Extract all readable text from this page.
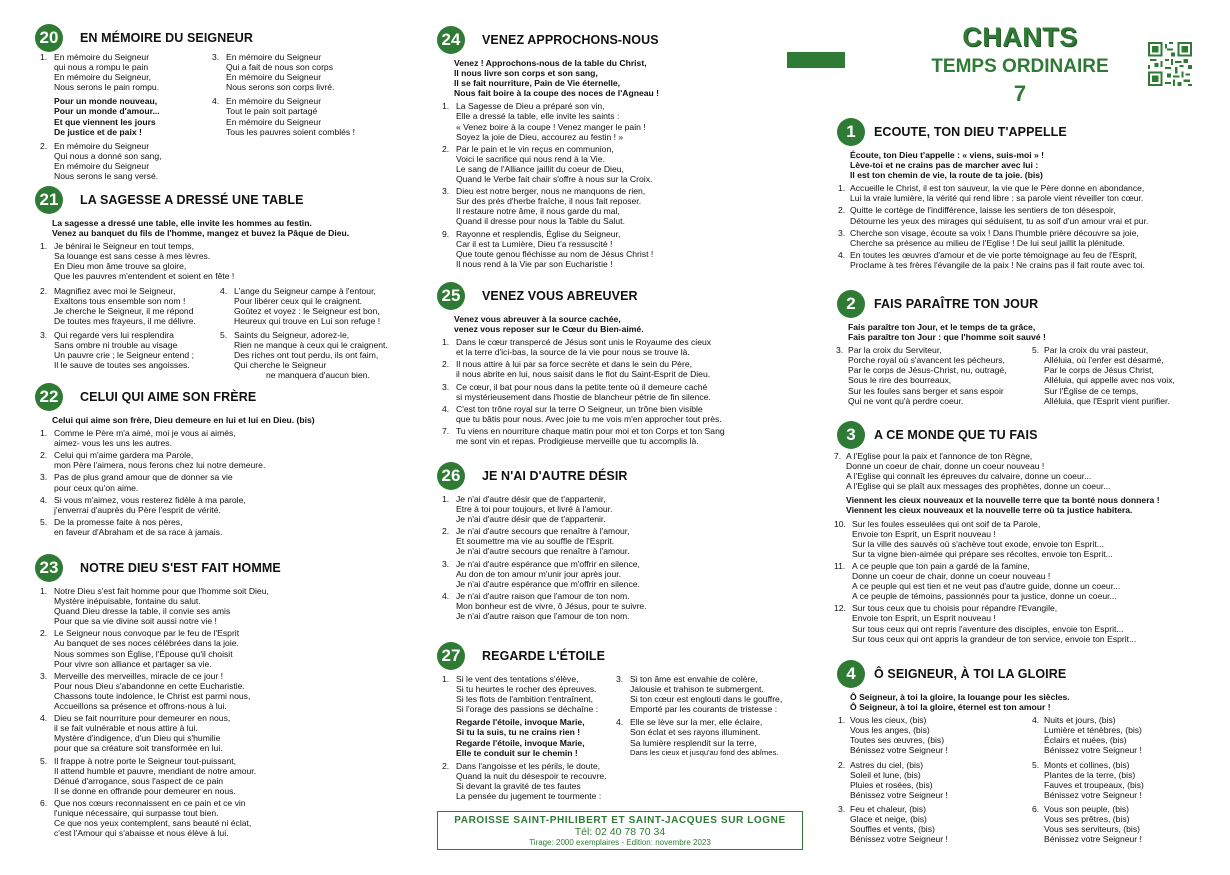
20	EN MÉMOIRE DU SEIGNEUR
1. En mémoire du Seigneur
qui nous a rompu le pain
En mémoire du Seigneur,
Nous serons le pain rompu.
Pour un monde nouveau,
Pour un monde d'amour...
Et que viennent les jours
De justice et de paix !
2. En mémoire du Seigneur
Qui nous a donné son sang,
En mémoire du Seigneur
Nous serons le sang versé.
3. En mémoire du Seigneur
Qui a fait de nous son corps
En mémoire du Seigneur
Nous serons son corps livré.
4. En mémoire du Seigneur
Tout le pain soit partagé
En mémoire du Seigneur
Tous les pauvres soient comblés !
21	LA SAGESSE A DRESSÉ UNE TABLE
La sagesse a dressé une table, elle invite les hommes au festin.
Venez au banquet du fils de l'homme, mangez et buvez la Pâque de Dieu.
1. Je bénirai le Seigneur en tout temps,
Sa louange est sans cesse à mes lèvres.
En Dieu mon âme trouve sa gloire,
Que les pauvres m'entendent et soient en fête !
2. Magnifiez avec moi le Seigneur,
Exaltons tous ensemble son nom !
Je cherche le Seigneur, il me répond
De toutes mes frayeurs, il me délivre.
3. Qui regarde vers lui resplendira
Sans ombre ni trouble au visage
Un pauvre crie ; le Seigneur entend ;
Il le sauve de toutes ses angoisses.
4. L'ange du Seigneur campe à l'entour,
Pour libérer ceux qui le craignent.
Goûtez et voyez : le Seigneur est bon,
Heureux qui trouve en Lui son refuge !
5. Saints du Seigneur, adorez-le,
Rien ne manque à ceux qui le craignent.
Des riches ont tout perdu, ils ont faim,
Qui cherche le Seigneur
ne manquera d'aucun bien.
22	CELUI QUI AIME SON FRÈRE
Celui qui aime son frère, Dieu demeure en lui et lui en Dieu. (bis)
1. Comme le Père m'a aimé, moi je vous ai aimés,
aimez- vous les uns les autres.
2. Celui qui m'aime gardera ma Parole,
mon Père l'aimera, nous ferons chez lui notre demeure.
3. Pas de plus grand amour que de donner sa vie
pour ceux qu'on aime.
4. Si vous m'aimez, vous resterez fidèle à ma parole,
j'enverrai d'auprès du Père l'esprit de vérité.
5. De la promesse faite à nos pères,
en faveur d'Abraham et de sa race à jamais.
23	NOTRE DIEU S'EST FAIT HOMME
1. Notre Dieu s'est fait homme pour que l'homme soit Dieu,
Mystère inépuisable, fontaine du salut.
Quand Dieu dresse la table, il convie ses amis
Pour que sa vie divine soit aussi notre vie !
2. Le Seigneur nous convoque par le feu de l'Esprit
Au banquet de ses noces célébrées dans la joie.
Nous sommes son Église, l'Épouse qu'il choisit
Pour vivre son alliance et partager sa vie.
3. Merveille des merveilles, miracle de ce jour !
Pour nous Dieu s'abandonne en cette Eucharistie.
Chassons toute indolence, le Christ est parmi nous,
Accueillons sa présence et offrons-nous à lui.
4. Dieu se fait nourriture pour demeurer en nous,
il se fait vulnérable et nous attire à lui.
Mystère d'indigence, d'un Dieu qui s'humilie
pour que sa créature soit transformée en lui.
5. Il frappe à notre porte le Seigneur tout-puissant,
Il attend humble et pauvre, mendiant de notre amour.
Dénué d'arrogance, sous l'aspect de ce pain
Il se donne en offrande pour demeurer en nous.
6. Que nos cœurs reconnaissent en ce pain et ce vin
l'unique nécessaire, qui surpasse tout bien.
Ce que nos yeux contemplent, sans beauté ni éclat,
c'est l'Amour qui s'abaisse et nous élève à lui.
24	VENEZ APPROCHONS-NOUS
Venez ! Approchons-nous de la table du Christ,
Il nous livre son corps et son sang,
Il se fait nourriture, Pain de Vie éternelle,
Nous fait boire à la coupe des noces de l'Agneau !
1. La Sagesse de Dieu a préparé son vin,
Elle a dressé la table, elle invite les saints :
« Venez boire à la coupe ! Venez manger le pain !
Soyez la joie de Dieu, accourez au festin ! »
2. Par le pain et le vin reçus en communion,
Voici le sacrifice qui nous rend à la Vie.
Le sang de l'Alliance jaillit du coeur de Dieu,
Quand le Verbe fait chair s'offre à nous sur la Croix.
3. Dieu est notre berger, nous ne manquons de rien,
Sur des prés d'herbe fraîche, il nous fait reposer.
Il restaure notre âme, il nous garde du mal,
Quand il dresse pour nous la Table du Salut.
9. Rayonne et resplendis, Église du Seigneur,
Car il est ta Lumière, Dieu t'a ressuscité !
Que toute genou fléchisse au nom de Jésus Christ !
Il nous rend à la Vie par son Eucharistie !
25	VENEZ VOUS ABREUVER
Venez vous abreuver à la source cachée,
venez vous reposer sur le Cœur du Bien-aimé.
1. Dans le cœur transpercé de Jésus sont unis le Royaume des cieux
et la terre d'ici-bas, la source de la vie pour nous se trouve là.
2. Il nous attire à lui par sa force secrète et dans le sein du Père,
il nous abrite en lui, nous saisit dans le flot du Saint-Esprit de Dieu.
3. Ce cœur, il bat pour nous dans la petite tente où il demeure caché
si mystérieusement dans l'hostie de blancheur pétrie de fin silence.
4. C'est ton trône royal sur la terre O Seigneur, un trône bien visible
que tu bâtis pour nous. Avec joie tu me vois m'en approcher tout près.
7. Tu viens en nourriture chaque matin pour moi et ton Corps et ton Sang
me sont vin et repas. Prodigieuse merveille que tu accomplis là.
26	JE N'AI D'AUTRE DÉSIR
1. Je n'ai d'autre désir que de t'appartenir,
Etre à toi pour toujours, et livré à l'amour.
Je n'ai d'autre désir que de t'appartenir.
2. Je n'ai d'autre secours que renaître à l'amour,
Et soumettre ma vie au souffle de l'Esprit.
Je n'ai d'autre secours que renaître à l'amour.
3. Je n'ai d'autre espérance que m'offrir en silence,
Au don de ton amour m'unir jour après jour.
Je n'ai d'autre espérance que m'offrir en silence.
4. Je n'ai d'autre raison que l'amour de ton nom.
Mon bonheur est de vivre, ô Jésus, pour te suivre.
Je n'ai d'autre raison que l'amour de ton nom.
27	REGARDE L'ÉTOILE
1. Si le vent des tentations s'élève,
Si tu heurtes le rocher des épreuves.
Si les flots de l'ambition t'entraînent,
Si l'orage des passions se déchaîne :
Regarde l'étoile, invoque Marie,
Si tu la suis, tu ne crains rien !
Regarde l'étoile, invoque Marie,
Elle te conduit sur le chemin !
2. Dans l'angoisse et les périls, le doute,
Quand la nuit du désespoir te recouvre.
Si devant la gravité de tes fautes
La pensée du jugement te tourmente :
3. Si ton âme est envahie de colère,
Jalousie et trahison te submergent.
Si ton cœur est englouti dans le gouffre,
Emporté par les courants de tristesse :
4. Elle se lève sur la mer, elle éclaire,
Son éclat et ses rayons illuminent.
Sa lumière resplendit sur la terre,
Dans les cieux et jusqu'au fond des abîmes.
PAROISSE SAINT-PHILIBERT ET SAINT-JACQUES SUR LOGNE
Tél: 02 40 78 70 34
Tirage: 2000 exemplaires - Edition: novembre 2023
CHANTS
TEMPS ORDINAIRE
7
1	ECOUTE, TON DIEU T'APPELLE
Écoute, ton Dieu t'appelle : « viens, suis-moi » !
Lève-toi et ne crains pas de marcher avec lui :
Il est ton chemin de vie, la route de ta joie. (bis)
1. Accueille le Christ, il est ton sauveur, la vie que le Père donne en abondance,
Lui la vraie lumière, la vérité qui rend libre : sa parole vient réveiller ton cœur.
2. Quitte le cortège de l'indifférence, laisse les sentiers de ton désespoir,
Détourne les yeux des mirages qui séduisent, tu as soif d'un amour vrai et pur.
3. Cherche son visage, écoute sa voix ! Dans l'humble prière découvre sa joie,
Cherche sa présence au milieu de l'Eglise ! De lui seul jaillit la plénitude.
4. En toutes les œuvres d'amour et de vie porte témoignage au feu de l'Esprit,
Proclame à tes frères l'évangile de la paix ! Ne crains pas il fait route avec toi.
2	FAIS PARAÎTRE TON JOUR
Fais paraître ton Jour, et le temps de ta grâce,
Fais paraître ton Jour : que l'homme soit sauvé !
3. Par la croix du Serviteur,
Porche royal où s'avancent les pécheurs,
Par le corps de Jésus-Christ, nu, outragé,
Sous le rire des bourreaux,
Sur les foules sans berger et sans espoir
Qui ne vont qu'à perdre coeur.
5. Par la croix du vrai pasteur,
Alléluia, où l'enfer est désarmé,
Par le corps de Jésus Christ,
Alléluia, qui appelle avec nos voix,
Sur l'Église de ce temps,
Alléluia, que l'Esprit vient purifier.
3	A CE MONDE QUE TU FAIS
7. A l'Eglise pour la paix et l'annonce de ton Règne,
Donne un coeur de chair, donne un coeur nouveau !
A l'Eglise qui connaît les épreuves du calvaire, donne un coeur...
A l'Eglise qui se plaît aux messages des prophètes, donne un coeur...
Viennent les cieux nouveaux et la nouvelle terre que ta bonté nous donnera !
Viennent les cieux nouveaux et la nouvelle terre où ta justice habitera.
10. Sur les foules esseulées qui ont soif de ta Parole,
Envoie ton Esprit, un Esprit nouveau !
Sur la ville des sauvés où s'achève tout exode, envoie ton Esprit...
Sur ta vigne bien-aimée qui prépare ses récoltes, envoie ton Esprit...
11. A ce peuple que ton pain a gardé de la famine,
Donne un coeur de chair, donne un coeur nouveau !
A ce peuple qui est tien et ne veut pas d'autre guide, donne un coeur...
A ce peuple de témoins, passionnés pour ta justice, donne un coeur...
12. Sur tous ceux que tu choisis pour répandre l'Evangile,
Envoie ton Esprit, un Esprit nouveau !
Sur tous ceux qui ont repris l'aventure des disciples, envoie ton Esprit...
Sur tous ceux qui ont appris la grandeur de ton service, envoie ton Esprit...
4	Ô SEIGNEUR, À TOI LA GLOIRE
Ô Seigneur, à toi la gloire, la louange pour les siècles.
Ô Seigneur, à toi la gloire, éternel est ton amour !
1. Vous les cieux, (bis)
Vous les anges, (bis)
Toutes ses œuvres, (bis)
Bénissez votre Seigneur !
2. Astres du ciel, (bis)
Soleil et lune, (bis)
Pluies et rosées, (bis)
Bénissez votre Seigneur !
3. Feu et chaleur, (bis)
Glace et neige, (bis)
Souffles et vents, (bis)
Bénissez votre Seigneur !
4. Nuits et jours, (bis)
Lumière et ténèbres, (bis)
Éclairs et nuées, (bis)
Bénissez votre Seigneur !
5. Monts et collines, (bis)
Plantes de la terre, (bis)
Fauves et troupeaux, (bis)
Bénissez votre Seigneur !
6. Vous son peuple, (bis)
Vous ses prêtres, (bis)
Vous ses serviteurs, (bis)
Bénissez votre Seigneur !
